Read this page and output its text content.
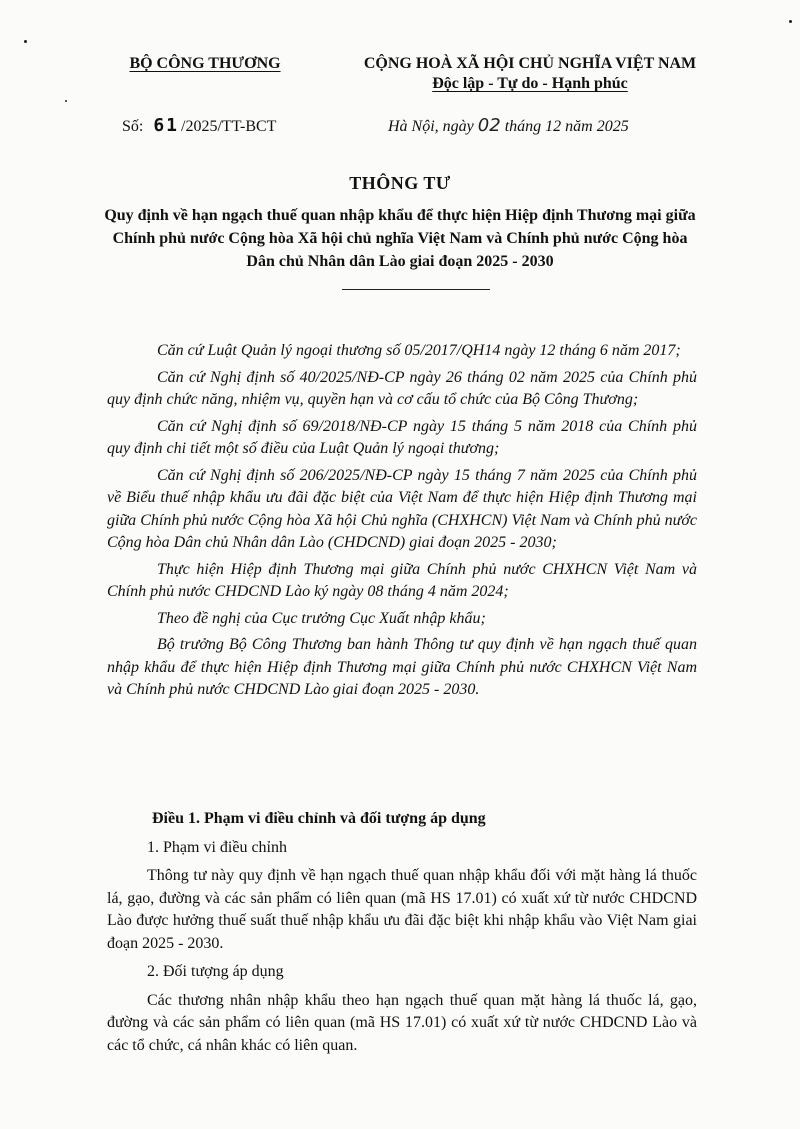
BỘ CÔNG THƯƠNG	CỘNG HOÀ XÃ HỘI CHỦ NGHĨA VIỆT NAM
Độc lập - Tự do - Hạnh phúc
Số: 61 /2025/TT-BCT	Hà Nội, ngày 02 tháng 12 năm 2025
THÔNG TƯ
Quy định về hạn ngạch thuế quan nhập khẩu để thực hiện Hiệp định Thương mại giữa Chính phủ nước Cộng hòa Xã hội chủ nghĩa Việt Nam và Chính phủ nước Cộng hòa Dân chủ Nhân dân Lào giai đoạn 2025 - 2030

Căn cứ Luật Quản lý ngoại thương số 05/2017/QH14 ngày 12 tháng 6 năm 2017;

Căn cứ Nghị định số 40/2025/NĐ-CP ngày 26 tháng 02 năm 2025 của Chính phủ quy định chức năng, nhiệm vụ, quyền hạn và cơ cấu tổ chức của Bộ Công Thương;

Căn cứ Nghị định số 69/2018/NĐ-CP ngày 15 tháng 5 năm 2018 của Chính phủ quy định chi tiết một số điều của Luật Quản lý ngoại thương;

Căn cứ Nghị định số 206/2025/NĐ-CP ngày 15 tháng 7 năm 2025 của Chính phủ về Biểu thuế nhập khẩu ưu đãi đặc biệt của Việt Nam để thực hiện Hiệp định Thương mại giữa Chính phủ nước Cộng hòa Xã hội Chủ nghĩa (CHXHCN) Việt Nam và Chính phủ nước Cộng hòa Dân chủ Nhân dân Lào (CHDCND) giai đoạn 2025 - 2030;

Thực hiện Hiệp định Thương mại giữa Chính phủ nước CHXHCN Việt Nam và Chính phủ nước CHDCND Lào ký ngày 08 tháng 4 năm 2024;

Theo đề nghị của Cục trưởng Cục Xuất nhập khẩu;

Bộ trưởng Bộ Công Thương ban hành Thông tư quy định về hạn ngạch thuế quan nhập khẩu để thực hiện Hiệp định Thương mại giữa Chính phủ nước CHXHCN Việt Nam và Chính phủ nước CHDCND Lào giai đoạn 2025 - 2030.

Điều 1. Phạm vi điều chỉnh và đối tượng áp dụng

1. Phạm vi điều chỉnh

Thông tư này quy định về hạn ngạch thuế quan nhập khẩu đối với mặt hàng lá thuốc lá, gạo, đường và các sản phẩm có liên quan (mã HS 17.01) có xuất xứ từ nước CHDCND Lào được hưởng thuế suất thuế nhập khẩu ưu đãi đặc biệt khi nhập khẩu vào Việt Nam giai đoạn 2025 - 2030.

2. Đối tượng áp dụng

Các thương nhân nhập khẩu theo hạn ngạch thuế quan mặt hàng lá thuốc lá, gạo, đường và các sản phẩm có liên quan (mã HS 17.01) có xuất xứ từ nước CHDCND Lào và các tổ chức, cá nhân khác có liên quan.
